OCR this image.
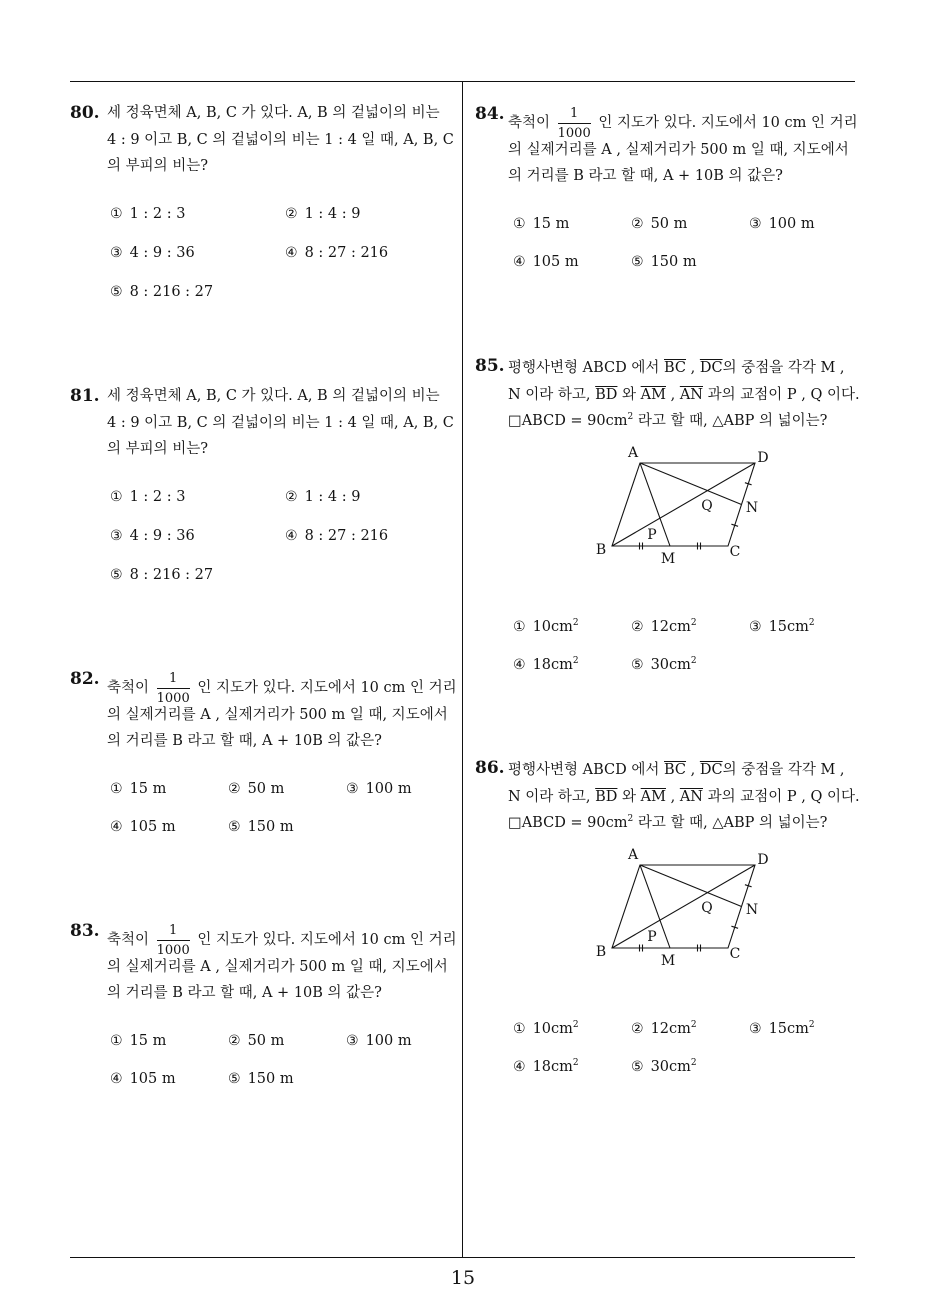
80. 세 정육면체 A, B, C 가 있다. A, B 의 겉넓이의 비는
4 : 9 이고 B, C 의 겉넓이의 비는 1 : 4 일 때, A, B, C
의 부피의 비는?
① 1 : 2 : 3	② 1 : 4 : 9
③ 4 : 9 : 36	④ 8 : 27 : 216
⑤ 8 : 216 : 27
81. 세 정육면체 A, B, C 가 있다. A, B 의 겉넓이의 비는
4 : 9 이고 B, C 의 겉넓이의 비는 1 : 4 일 때, A, B, C
의 부피의 비는?
① 1 : 2 : 3	② 1 : 4 : 9
③ 4 : 9 : 36	④ 8 : 27 : 216
⑤ 8 : 216 : 27
82. 축척이 $\frac{1}{1000}$ 인 지도가 있다. 지도에서 10 cm 인 거리
의 실제거리를 A , 실제거리가 500 m 일 때, 지도에서
의 거리를 B 라고 할 때, A + 10B 의 값은?
① 15 m	② 50 m	③ 100 m
④ 105 m	⑤ 150 m
83. 축척이 $\frac{1}{1000}$ 인 지도가 있다. 지도에서 10 cm 인 거리
의 실제거리를 A , 실제거리가 500 m 일 때, 지도에서
의 거리를 B 라고 할 때, A + 10B 의 값은?
① 15 m	② 50 m	③ 100 m
④ 105 m	⑤ 150 m
84. 축척이 $\frac{1}{1000}$ 인 지도가 있다. 지도에서 10 cm 인 거리
의 실제거리를 A , 실제거리가 500 m 일 때, 지도에서
의 거리를 B 라고 할 때, A + 10B 의 값은?
① 15 m	② 50 m	③ 100 m
④ 105 m	⑤ 150 m
85. 평행사변형 ABCD 에서 $\overline{BC}$ , $\overline{DC}$의 중점을 각각 M ,
N 이라 하고, $\overline{BD}$ 와 $\overline{AM}$ , $\overline{AN}$ 과의 교점이 P , Q 이다.
□ABCD = $90cm^2$ 라고 할 때, △ABP 의 넓이는?
A	D
N
Q
P
B
M	C
① $10cm^2$	② $12cm^2$	③ $15cm^2$
④ $18cm^2$	⑤ $30cm^2$
86. 평행사변형 ABCD 에서 $\overline{BC}$ , $\overline{DC}$의 중점을 각각 M ,
N 이라 하고, $\overline{BD}$ 와 $\overline{AM}$ , $\overline{AN}$ 과의 교점이 P , Q 이다.
□ABCD = $90cm^2$ 라고 할 때, △ABP 의 넓이는?
A	D
N
Q
P
B
M	C
① $10cm^2$	② $12cm^2$	③ $15cm^2$
④ $18cm^2$	⑤ $30cm^2$
15
